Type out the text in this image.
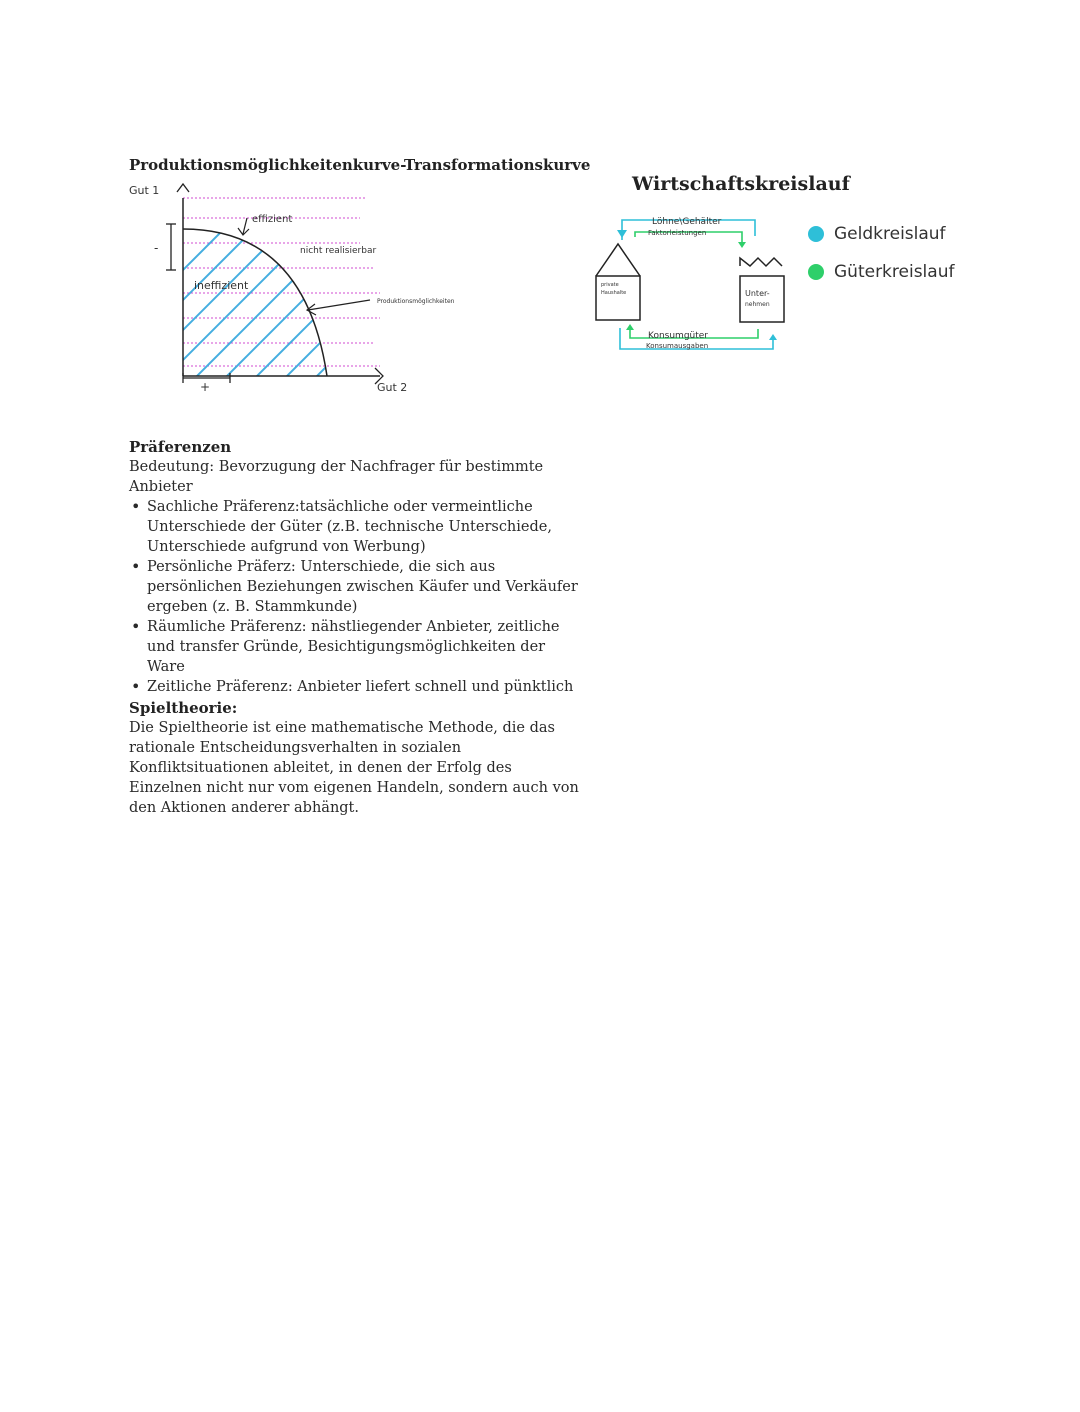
Produktionsmöglichkeitenkurve-Transformationskurve
Gut 1
Gut 2
effizient
nicht realisierbar
ineffizient
Produktionsmöglichkeiten
-
+
Wirtschaftskreislauf
Löhne\Gehälter
Faktorleistungen
Konsumgüter
Konsumausgaben
private
Haushalte	Unter-
nehmen
Geldkreislauf
Güterkreislauf
Präferenzen
Bedeutung: Bevorzugung der Nachfrager für bestimmte Anbieter
• Sachliche Präferenz:tatsächliche oder vermeintliche Unterschiede der Güter (z.B. technische Unterschiede, Unterschiede aufgrund von Werbung)
• Persönliche Präferz: Unterschiede, die sich aus persönlichen Beziehungen zwischen Käufer und Verkäufer ergeben (z. B. Stammkunde)
• Räumliche Präferenz: nähstliegender Anbieter, zeitliche und transfer Gründe, Besichtigungsmöglichkeiten der Ware
• Zeitliche Präferenz: Anbieter liefert schnell und pünktlich
Spieltheorie:
Die Spieltheorie ist eine mathematische Methode, die das rationale Entscheidungsverhalten in sozialen Konfliktsituationen ableitet, in denen der Erfolg des Einzelnen nicht nur vom eigenen Handeln, sondern auch von den Aktionen anderer abhängt.
